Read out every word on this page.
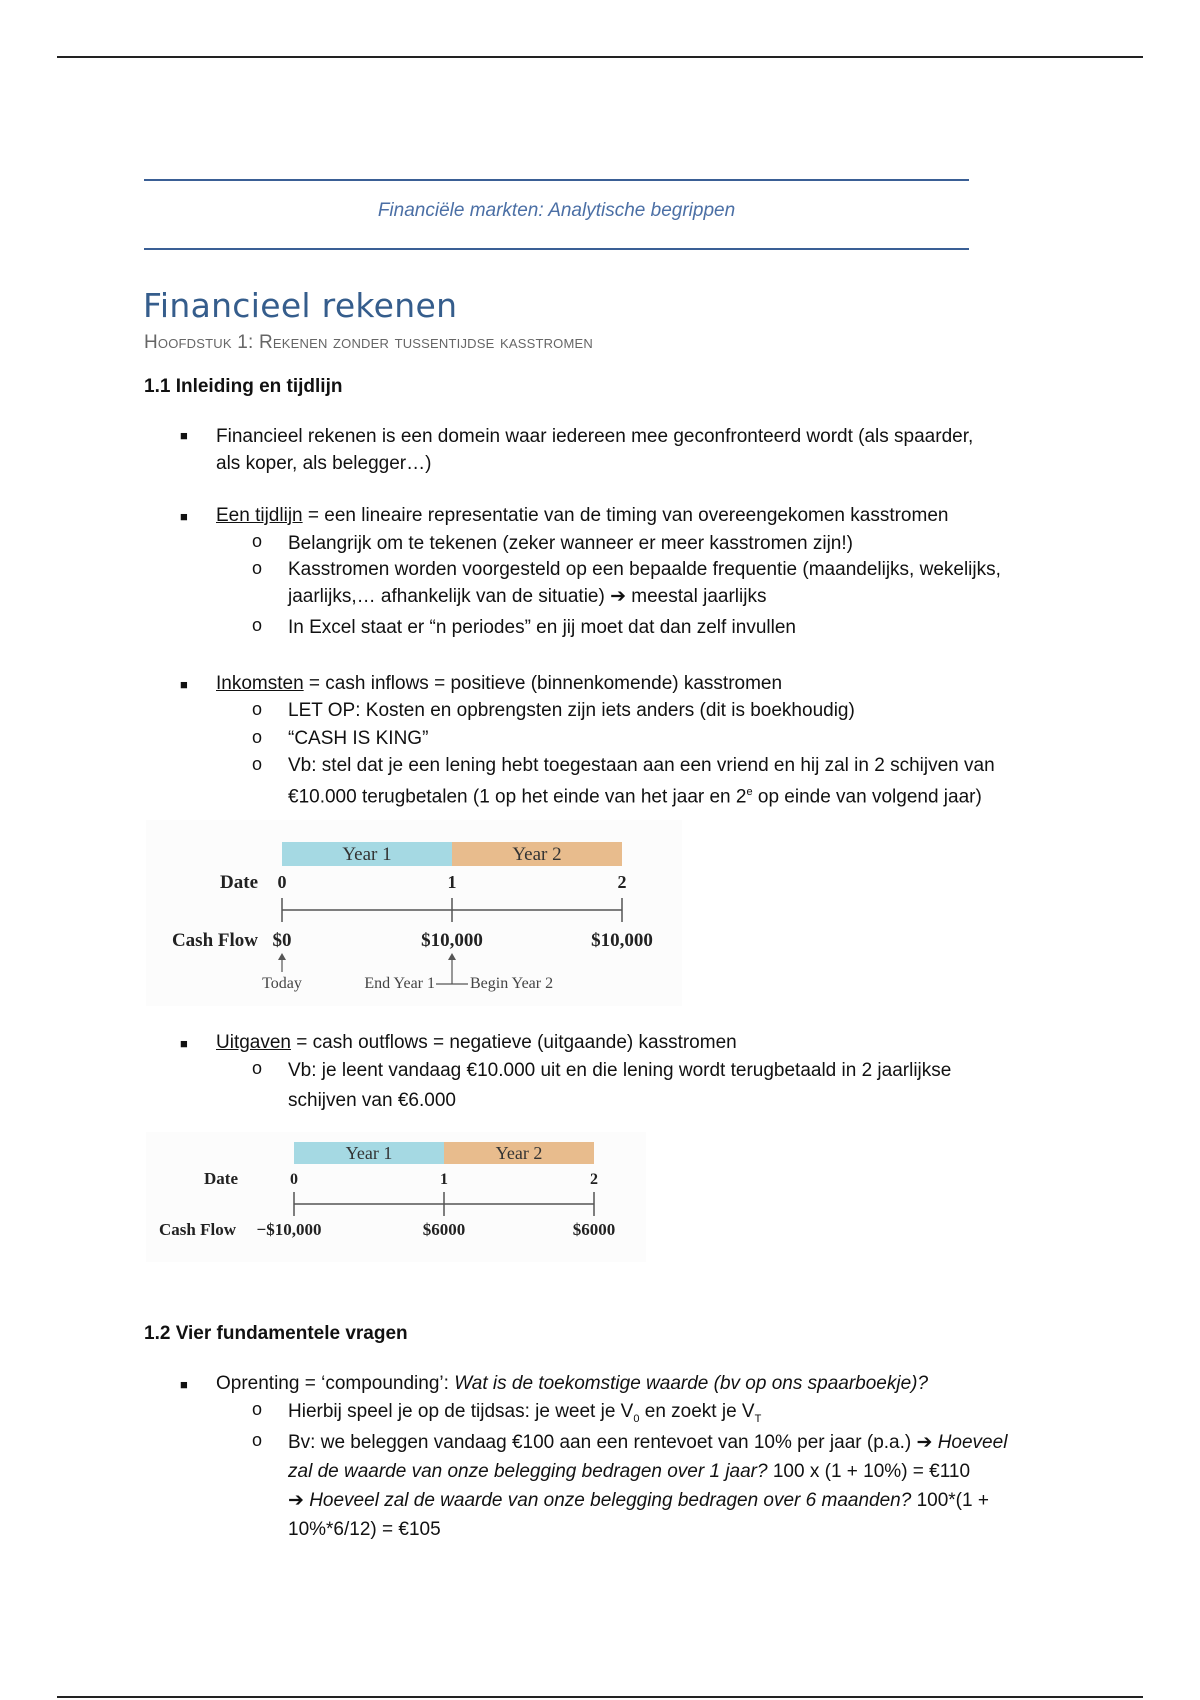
Financiële markten: Analytische begrippen
Financieel rekenen
Hoofdstuk 1: Rekenen zonder tussentijdse kasstromen
1.1 Inleiding en tijdlijn
■ Financieel rekenen is een domein waar iedereen mee geconfronteerd wordt (als spaarder,
als koper, als belegger…)
■ Een tijdlijn = een lineaire representatie van de timing van overeengekomen kasstromen
o Belangrijk om te tekenen (zeker wanneer er meer kasstromen zijn!)
o Kasstromen worden voorgesteld op een bepaalde frequentie (maandelijks, wekelijks,
jaarlijks,… afhankelijk van de situatie) ➔ meestal jaarlijks
o In Excel staat er “n periodes” en jij moet dat dan zelf invullen
■ Inkomsten = cash inflows = positieve (binnenkomende) kasstromen
o LET OP: Kosten en opbrengsten zijn iets anders (dit is boekhoudig)
o “CASH IS KING”
o Vb: stel dat je een lening hebt toegestaan aan een vriend en hij zal in 2 schijven van
€10.000 terugbetalen (1 op het einde van het jaar en 2e op einde van volgend jaar)
Year 1	Year 2
Date 0	1	2
Cash Flow $0	$10,000	$10,000
Today	End Year 1 Begin Year 2
■ Uitgaven = cash outflows = negatieve (uitgaande) kasstromen
o Vb: je leent vandaag €10.000 uit en die lening wordt terugbetaald in 2 jaarlijkse
schijven van €6.000
Year 1	Year 2
Date	0	1	2
Cash Flow −$10,000	$6000	$6000
1.2 Vier fundamentele vragen
■ Oprenting = ‘compounding’: Wat is de toekomstige waarde (bv op ons spaarboekje)?
o Hierbij speel je op de tijdsas: je weet je $V_0$ en zoekt je $V_T$
o Bv: we beleggen vandaag €100 aan een rentevoet van 10% per jaar (p.a.) ➔ Hoeveel
zal de waarde van onze belegging bedragen over 1 jaar? 100 x (1 + 10%) = €110
➔ Hoeveel zal de waarde van onze belegging bedragen over 6 maanden? 100*(1 +
10%*6/12) = €105
